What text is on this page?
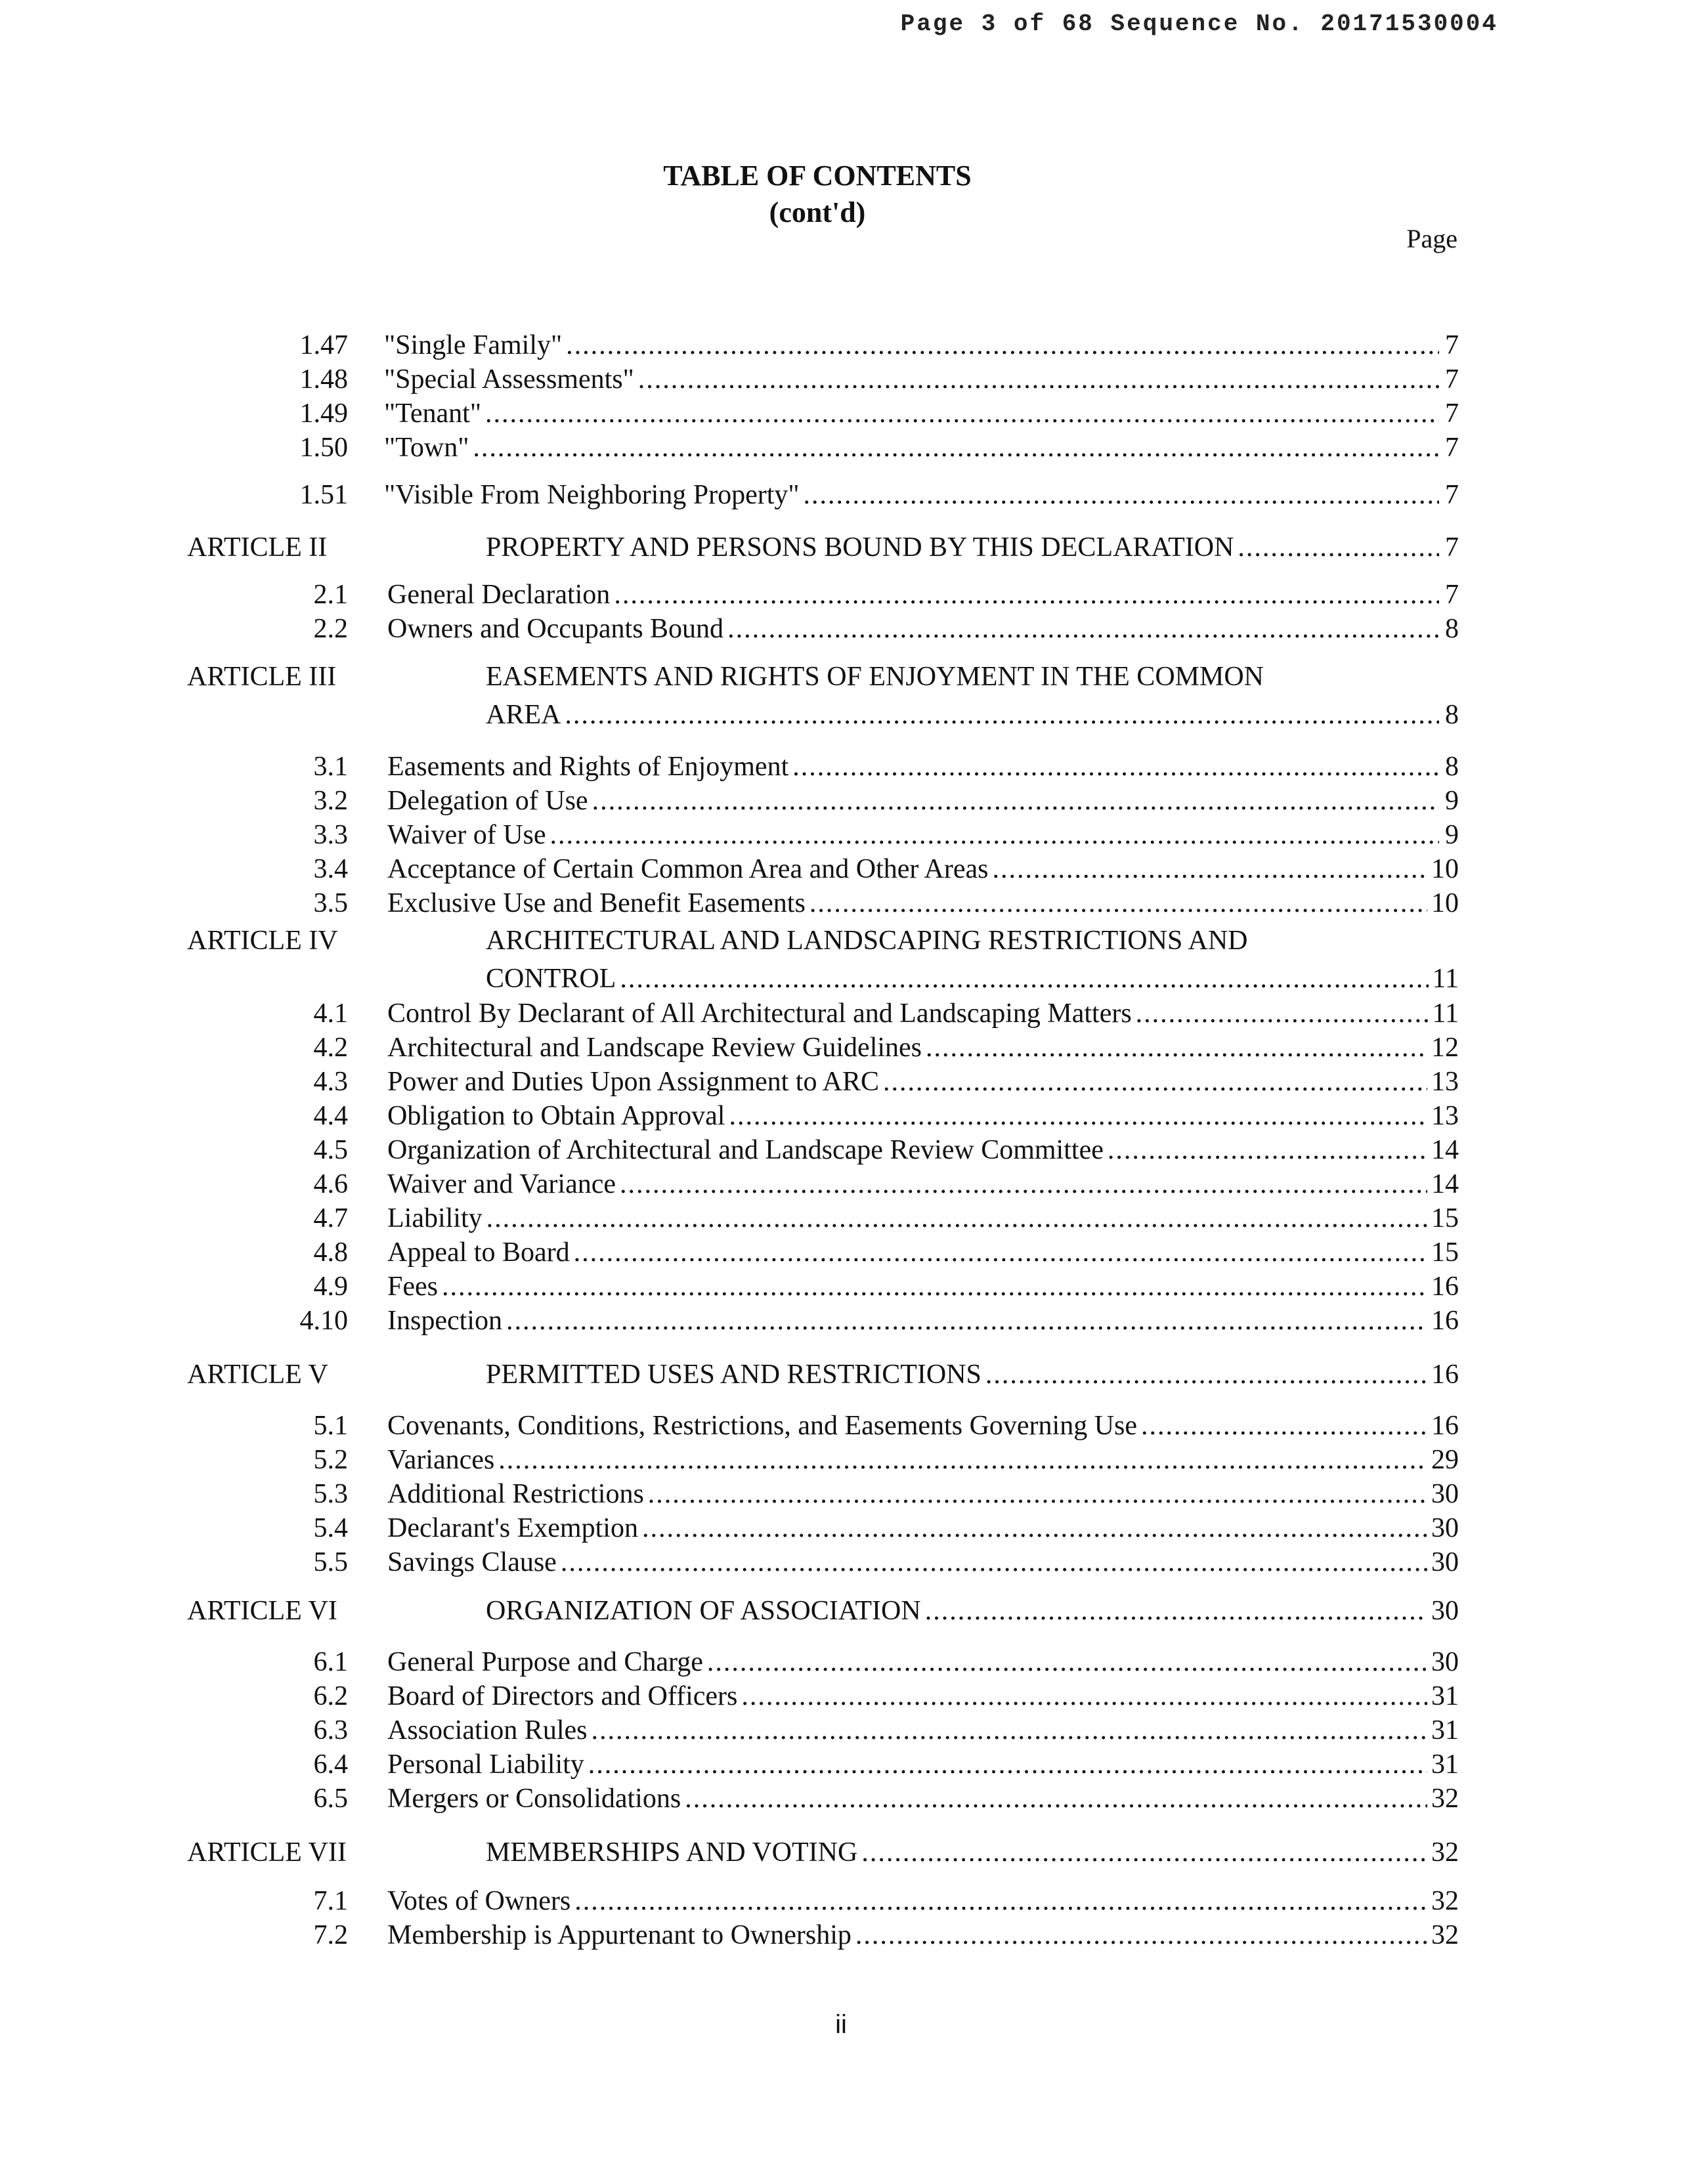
Page 3 of 68 Sequence No. 20171530004
TABLE OF CONTENTS
(cont'd)
Page
1.47 "Single Family" .....	7
1.48 "Special Assessments" .....	7
1.49 "Tenant" .....	7
1.50 "Town" .....	7
1.51 "Visible From Neighboring Property" .....	7
ARTICLE II	PROPERTY AND PERSONS BOUND BY THIS DECLARATION .....	7
2.1 General Declaration .....	7
2.2 Owners and Occupants Bound .....	8
ARTICLE III	EASEMENTS AND RIGHTS OF ENJOYMENT IN THE COMMON
AREA .....	8
3.1 Easements and Rights of Enjoyment .....	8
3.2 Delegation of Use .....	9
3.3 Waiver of Use .....	9
3.4 Acceptance of Certain Common Area and Other Areas .....	10
3.5 Exclusive Use and Benefit Easements .....	10
ARTICLE IV	ARCHITECTURAL AND LANDSCAPING RESTRICTIONS AND
CONTROL .....	11
4.1 Control By Declarant of All Architectural and Landscaping Matters .....	11
4.2 Architectural and Landscape Review Guidelines .....	12
4.3 Power and Duties Upon Assignment to ARC .....	13
4.4 Obligation to Obtain Approval .....	13
4.5 Organization of Architectural and Landscape Review Committee .....	14
4.6 Waiver and Variance .....	14
4.7 Liability .....	15
4.8 Appeal to Board .....	15
4.9 Fees .....	16
4.10 Inspection .....	16
ARTICLE V	PERMITTED USES AND RESTRICTIONS .....	16
5.1 Covenants, Conditions, Restrictions, and Easements Governing Use .....	16
5.2 Variances .....	29
5.3 Additional Restrictions .....	30
5.4 Declarant's Exemption .....	30
5.5 Savings Clause .....	30
ARTICLE VI	ORGANIZATION OF ASSOCIATION .....	30
6.1 General Purpose and Charge .....	30
6.2 Board of Directors and Officers .....	31
6.3 Association Rules .....	31
6.4 Personal Liability .....	31
6.5 Mergers or Consolidations .....	32
ARTICLE VII	MEMBERSHIPS AND VOTING .....	32
7.1 Votes of Owners .....	32
7.2 Membership is Appurtenant to Ownership .....	32
ii
